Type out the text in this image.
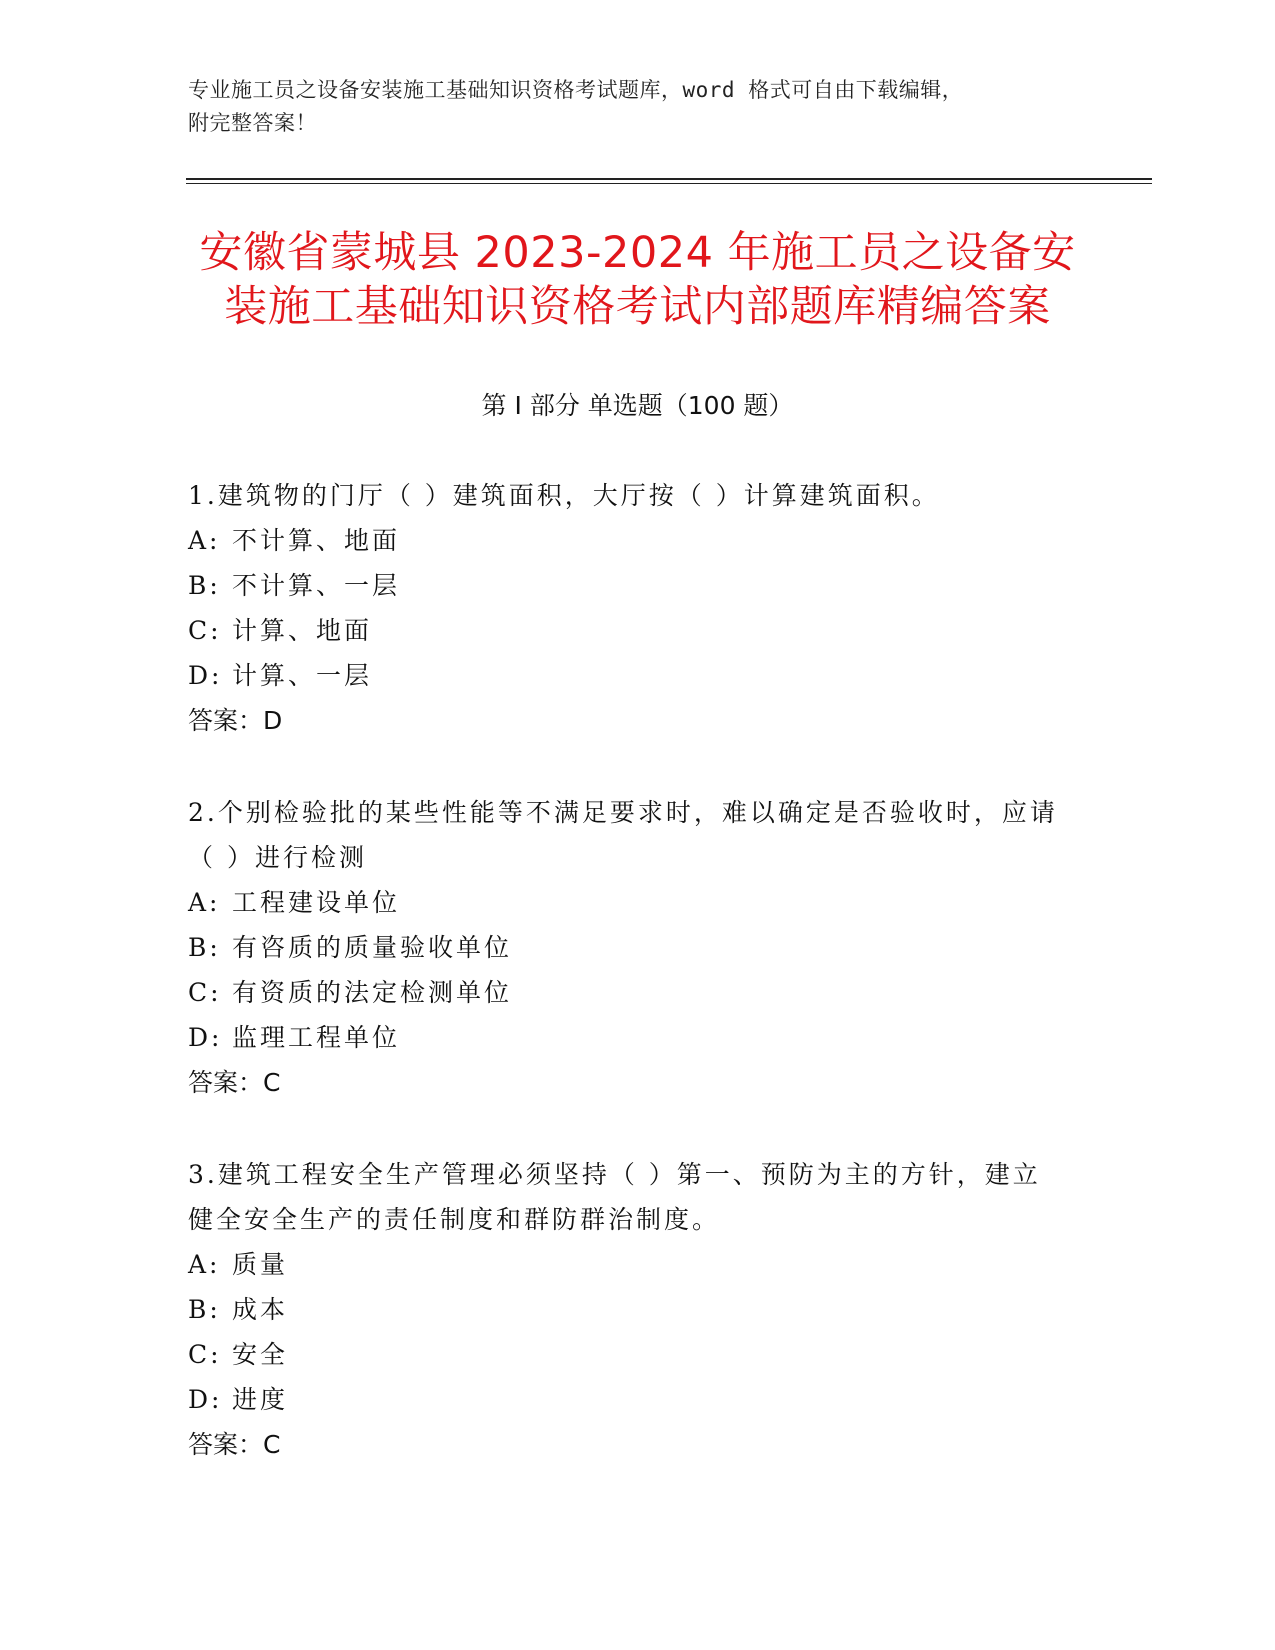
专业施工员之设备安装施工基础知识资格考试题库，word 格式可自由下载编辑，
附完整答案！
安徽省蒙城县 2023-2024 年施工员之设备安
装施工基础知识资格考试内部题库精编答案
第 I 部分 单选题（100 题）

1.建筑物的门厅（ ）建筑面积，大厅按（ ）计算建筑面积。

A: 不计算、地面

B: 不计算、一层

C: 计算、地面

D: 计算、一层

答案：D

2.个别检验批的某些性能等不满足要求时，难以确定是否验收时，应请（ ）进行检测

A: 工程建设单位

B: 有咨质的质量验收单位

C: 有资质的法定检测单位

D: 监理工程单位

答案：C

3.建筑工程安全生产管理必须坚持（ ）第一、预防为主的方针，建立健全安全生产的责任制度和群防群治制度。

A: 质量

B: 成本

C: 安全

D: 进度

答案：C
